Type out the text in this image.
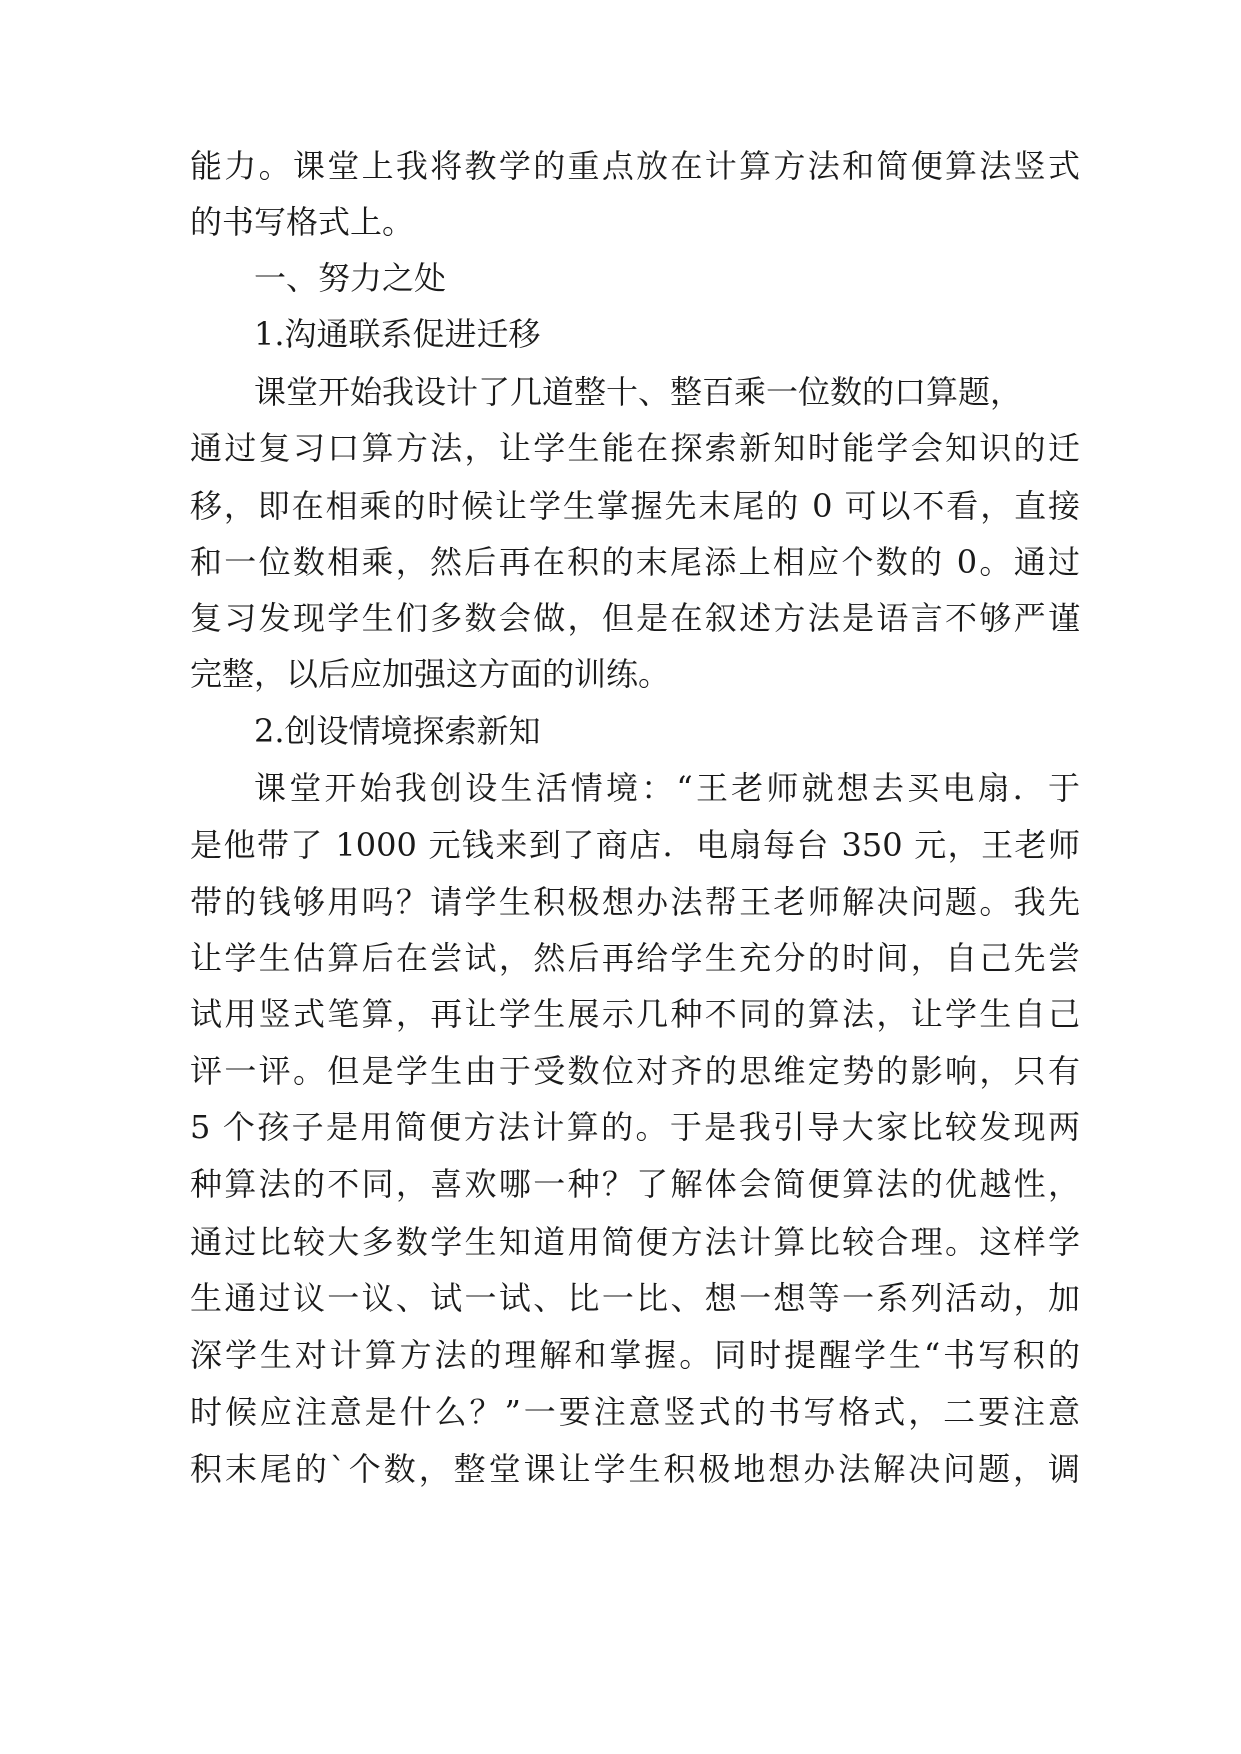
能力。课堂上我将教学的重点放在计算方法和简便算法竖式
的书写格式上。
一、努力之处
1.沟通联系促进迁移
课堂开始我设计了几道整十、整百乘一位数的口算题，
通过复习口算方法，让学生能在探索新知时能学会知识的迁
移，即在相乘的时候让学生掌握先末尾的 0 可以不看，直接
和一位数相乘，然后再在积的末尾添上相应个数的 0。通过
复习发现学生们多数会做，但是在叙述方法是语言不够严谨
完整，以后应加强这方面的训练。
2.创设情境探索新知
课堂开始我创设生活情境：“王老师就想去买电扇．于
是他带了 1000 元钱来到了商店．电扇每台 350 元，王老师
带的钱够用吗？请学生积极想办法帮王老师解决问题。我先
让学生估算后在尝试，然后再给学生充分的时间，自己先尝
试用竖式笔算，再让学生展示几种不同的算法，让学生自己
评一评。但是学生由于受数位对齐的思维定势的影响，只有
5 个孩子是用简便方法计算的。于是我引导大家比较发现两
种算法的不同，喜欢哪一种？了解体会简便算法的优越性，
通过比较大多数学生知道用简便方法计算比较合理。这样学
生通过议一议、试一试、比一比、想一想等一系列活动，加
深学生对计算方法的理解和掌握。同时提醒学生“书写积的
时候应注意是什么？”一要注意竖式的书写格式，二要注意
积末尾的`个数，整堂课让学生积极地想办法解决问题，调
